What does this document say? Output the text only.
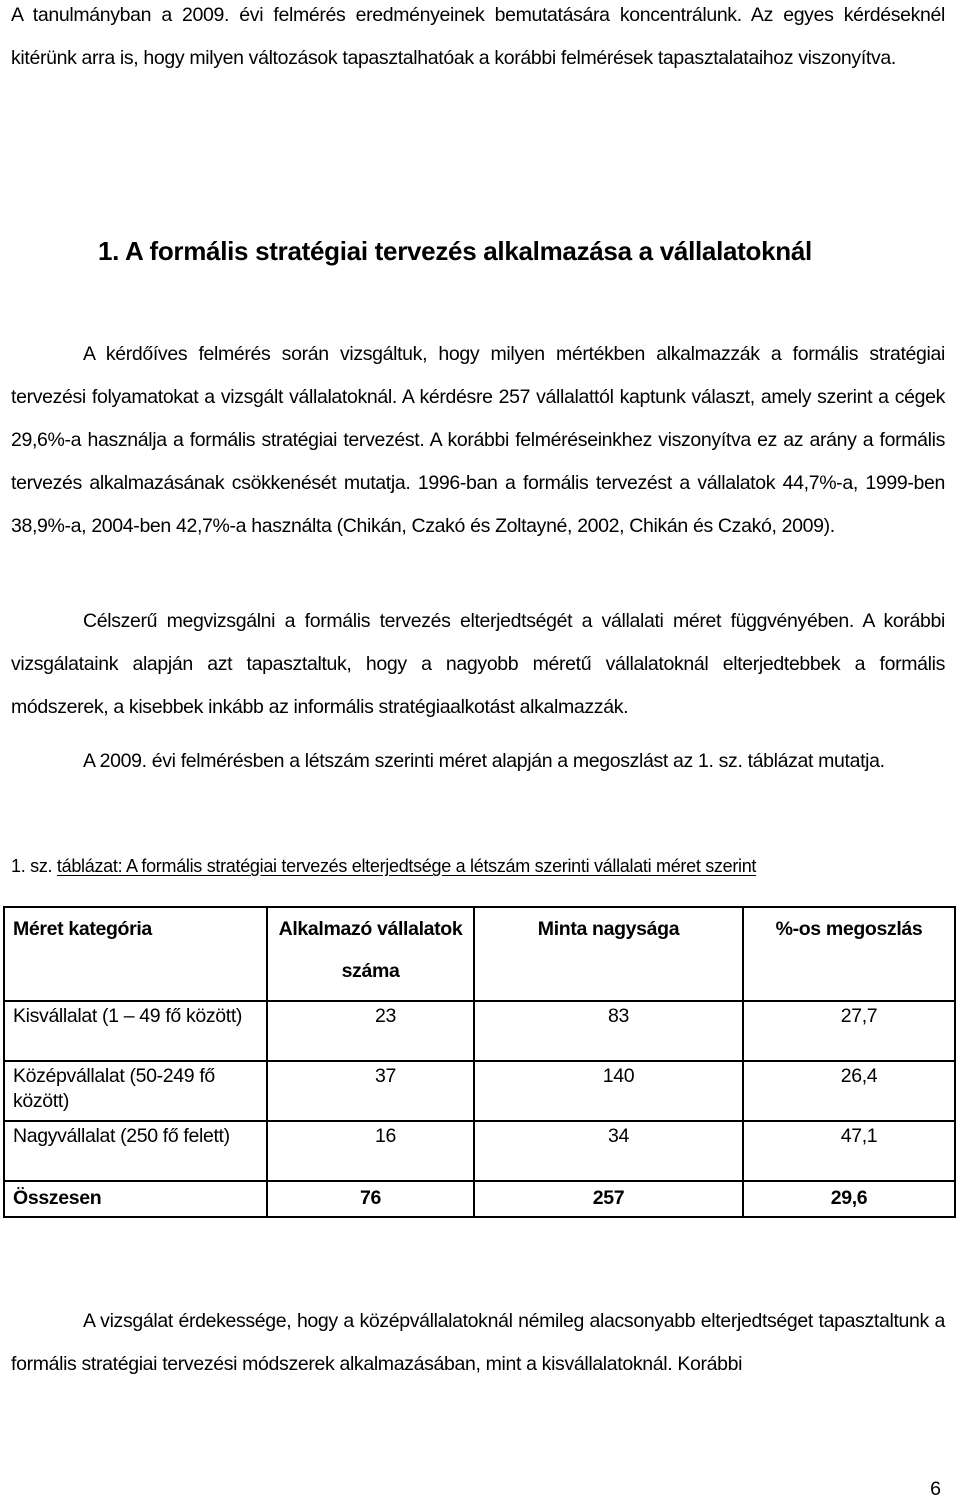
A tanulmányban a 2009. évi felmérés eredményeinek bemutatására koncentrálunk. Az egyes kérdéseknél kitérünk arra is, hogy milyen változások tapasztalhatóak a korábbi felmérések tapasztalataihoz viszonyítva.

1. A formális stratégiai tervezés alkalmazása a vállalatoknál

A kérdőíves felmérés során vizsgáltuk, hogy milyen mértékben alkalmazzák a formális stratégiai tervezési folyamatokat a vizsgált vállalatoknál. A kérdésre 257 vállalattól kaptunk választ, amely szerint a cégek 29,6%-a használja a formális stratégiai tervezést. A korábbi felméréseinkhez viszonyítva ez az arány a formális tervezés alkalmazásának csökkenését mutatja. 1996-ban a formális tervezést a vállalatok 44,7%-a, 1999-ben 38,9%-a, 2004-ben 42,7%-a használta (Chikán, Czakó és Zoltayné, 2002, Chikán és Czakó, 2009).

Célszerű megvizsgálni a formális tervezés elterjedtségét a vállalati méret függvényében. A korábbi vizsgálataink alapján azt tapasztaltuk, hogy a nagyobb méretű vállalatoknál elterjedtebbek a formális módszerek, a kisebbek inkább az informális stratégiaalkotást alkalmazzák.

A 2009. évi felmérésben a létszám szerinti méret alapján a megoszlást az 1. sz. táblázat mutatja.

1. sz. táblázat: A formális stratégiai tervezés elterjedtsége a létszám szerinti vállalati méret szerint

Méret kategória	Alkalmazó vállalatok száma	Minta nagysága	%-os megoszlás
Kisvállalat (1 – 49 fő között)	23	83	27,7
Középvállalat (50-249 fő között)	37	140	26,4
Nagyvállalat (250 fő felett)	16	34	47,1
Összesen	76	257	29,6

A vizsgálat érdekessége, hogy a középvállalatoknál némileg alacsonyabb elterjedtséget tapasztaltunk a formális stratégiai tervezési módszerek alkalmazásában, mint a kisvállalatoknál. Korábbi

6
